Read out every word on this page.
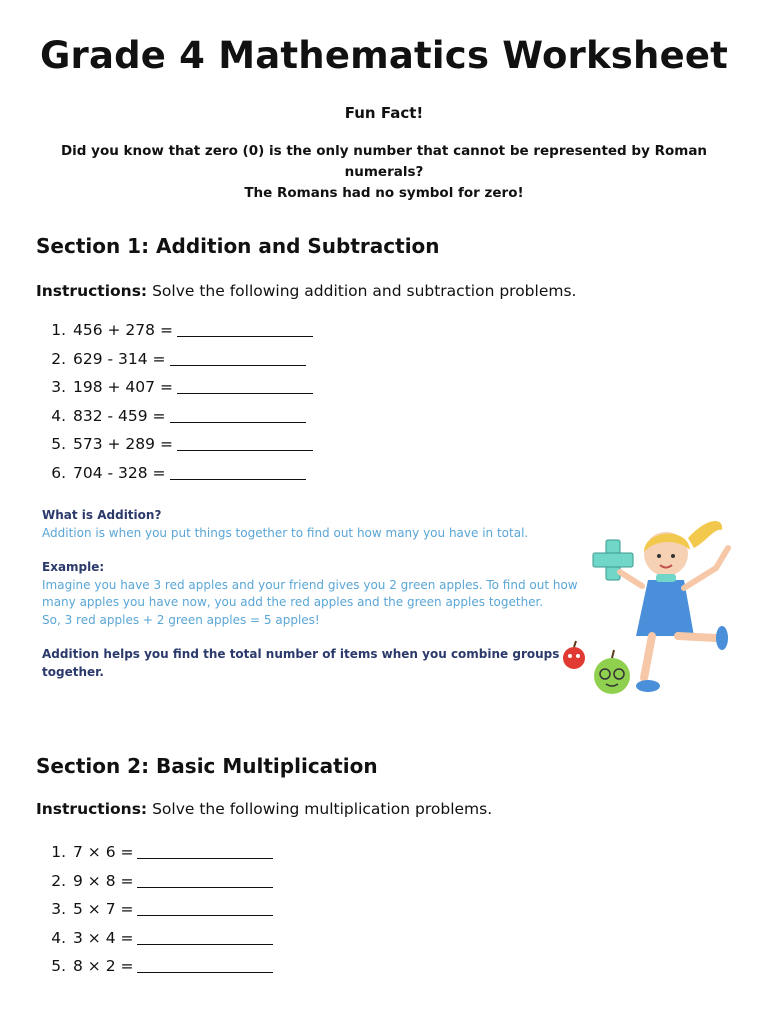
Grade 4 Mathematics Worksheet
Fun Fact!
Did you know that zero (0) is the only number that cannot be represented by Roman numerals?
The Romans had no symbol for zero!
Section 1: Addition and Subtraction
Instructions: Solve the following addition and subtraction problems.
1. 456 + 278 =
2. 629 - 314 =
3. 198 + 407 =
4. 832 - 459 =
5. 573 + 289 =
6. 704 - 328 =
What is Addition?
Addition is when you put things together to find out how many you have in total.
Example:
Imagine you have 3 red apples and your friend gives you 2 green apples. To find out how many apples you have now, you add the red apples and the green apples together.
So, 3 red apples + 2 green apples = 5 apples!
Addition helps you find the total number of items when you combine groups together.
Section 2: Basic Multiplication
Instructions: Solve the following multiplication problems.
1. 7 × 6 =
2. 9 × 8 =
3. 5 × 7 =
4. 3 × 4 =
5. 8 × 2 =
